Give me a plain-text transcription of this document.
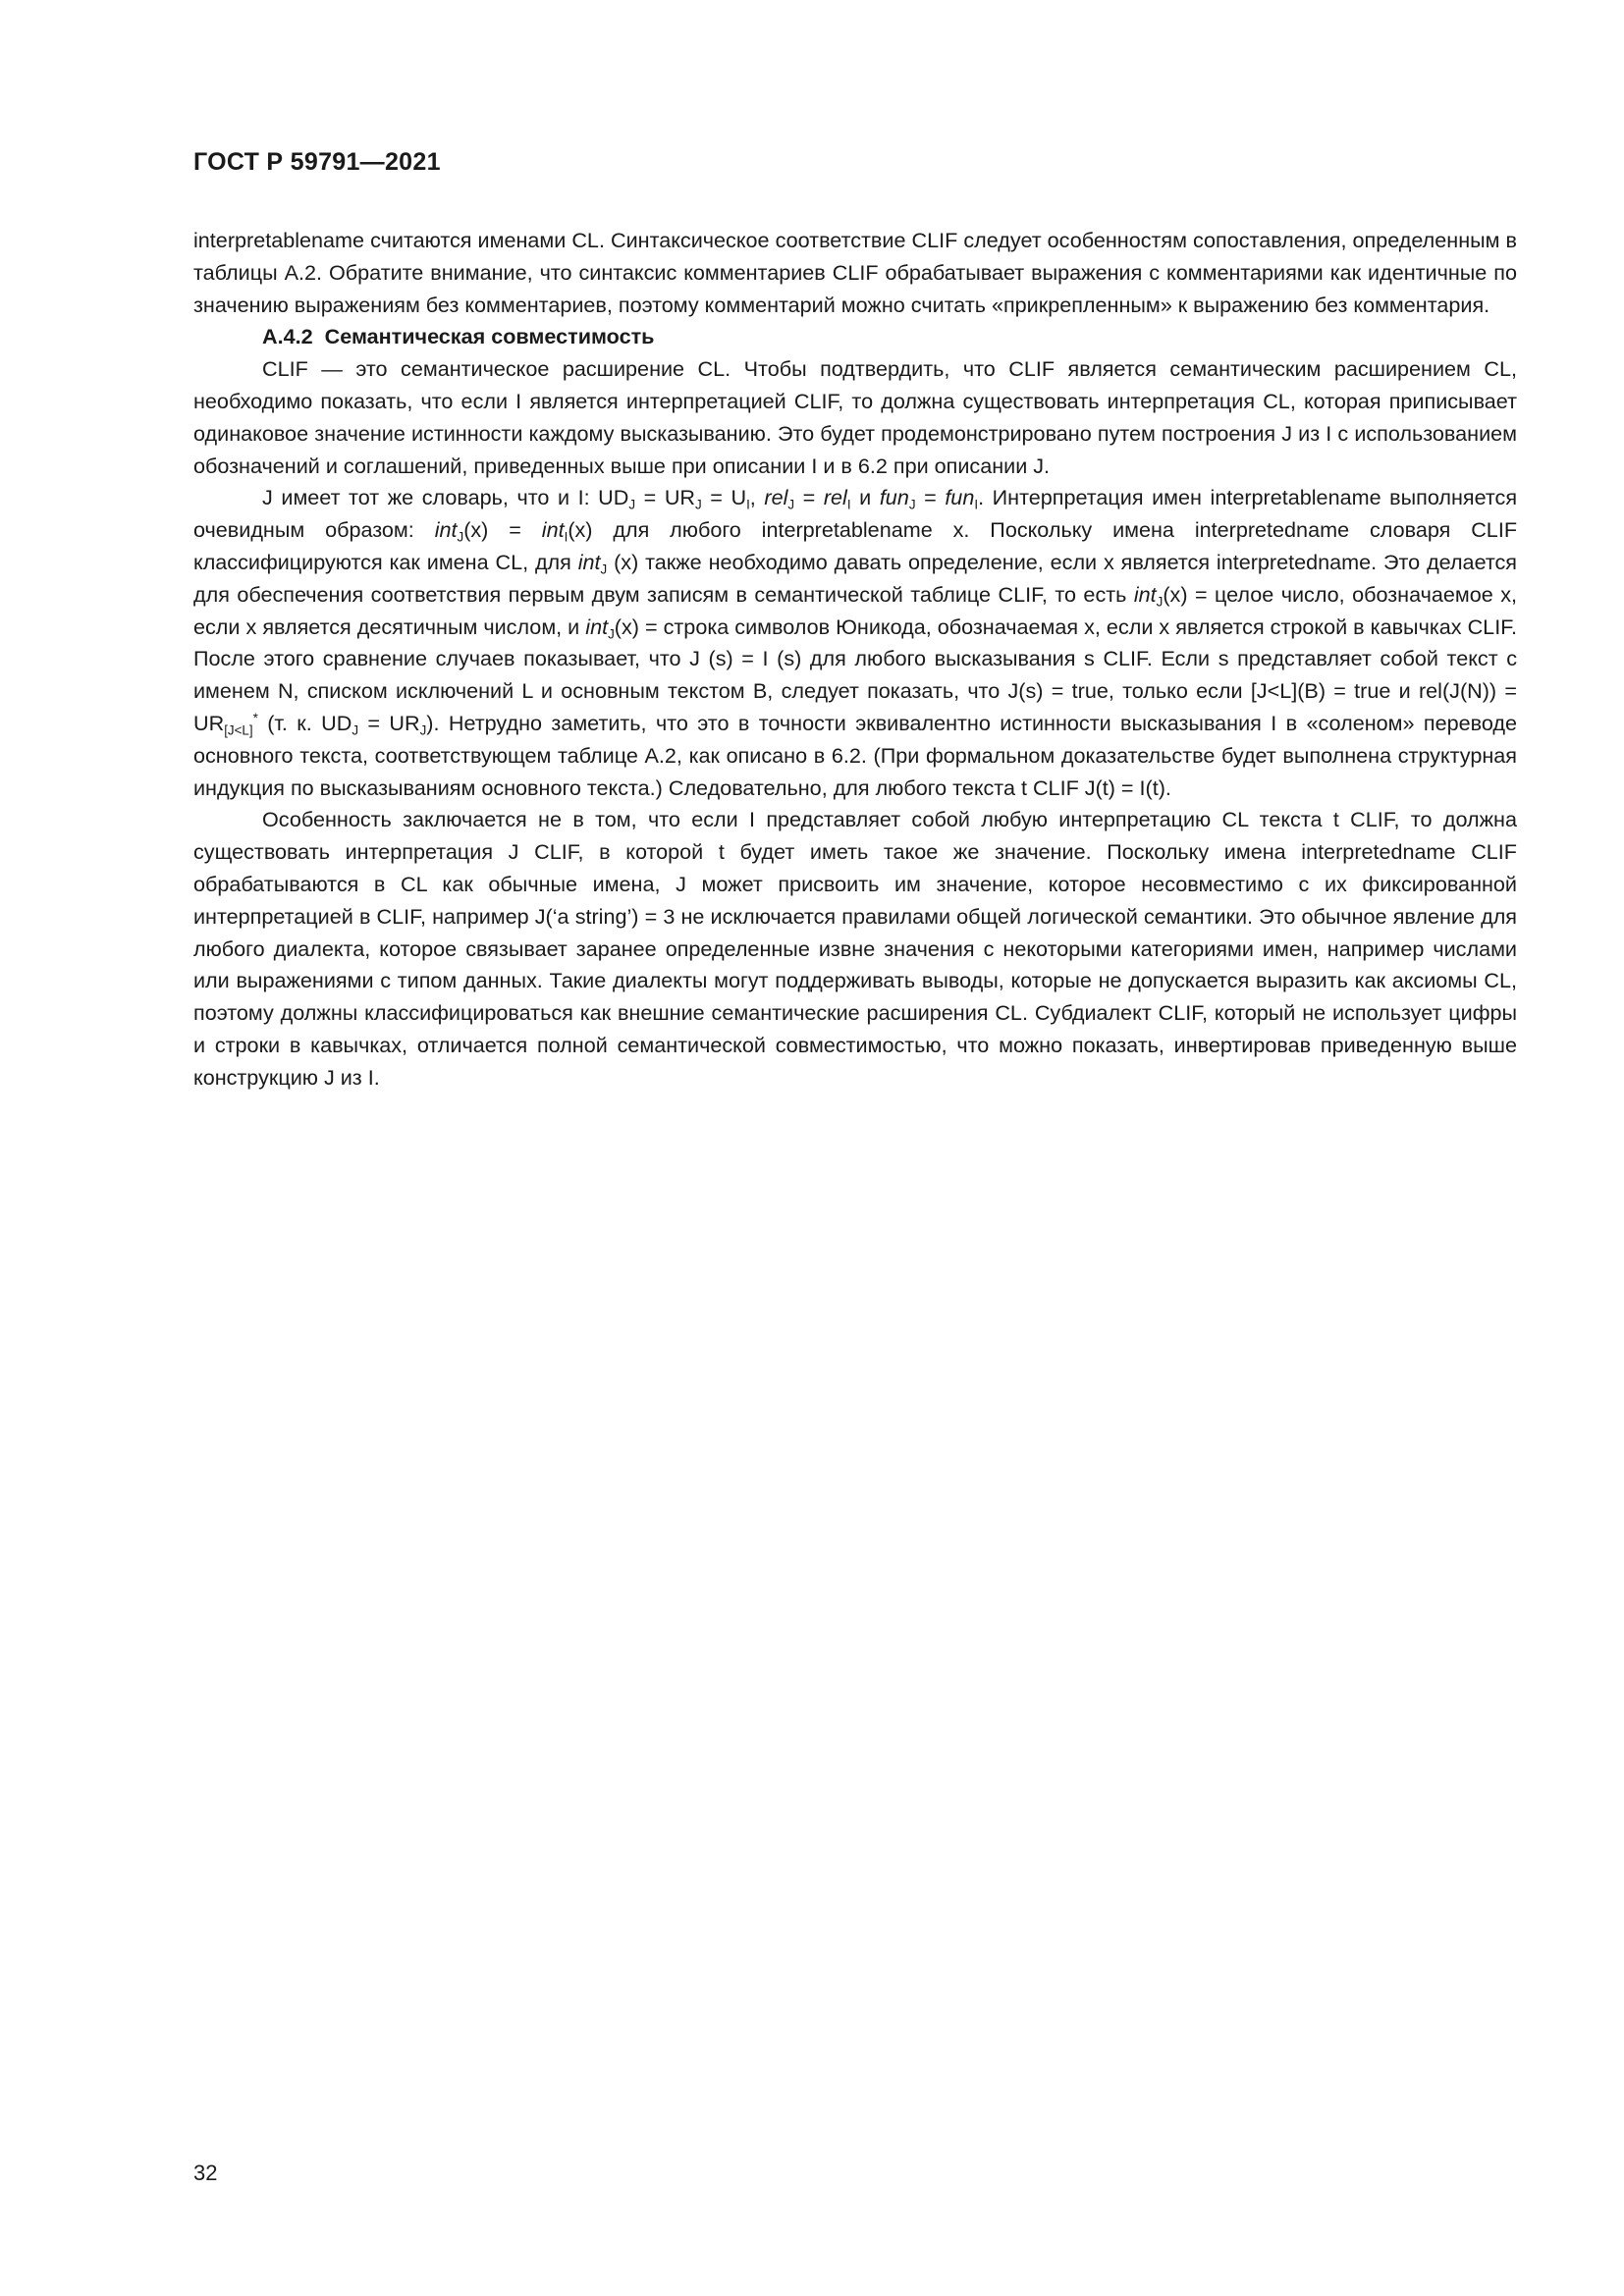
ГОСТ Р 59791—2021

interpretablename считаются именами CL. Синтаксическое соответствие CLIF следует особенностям сопоставления, определенным в таблицы А.2. Обратите внимание, что синтаксис комментариев CLIF обрабатывает выражения с комментариями как идентичные по значению выражениям без комментариев, поэтому комментарий можно считать «прикрепленным» к выражению без комментария.

А.4.2 Семантическая совместимость

CLIF — это семантическое расширение CL. Чтобы подтвердить, что CLIF является семантическим расширением CL, необходимо показать, что если I является интерпретацией CLIF, то должна существовать интерпретация CL, которая приписывает одинаковое значение истинности каждому высказыванию. Это будет продемонстрировано путем построения J из I с использованием обозначений и соглашений, приведенных выше при описании I и в 6.2 при описании J.

J имеет тот же словарь, что и I: $UD_J = UR_J = U_I$, rel$_J$ = rel$_I$ и fun$_J$ = fun$_I$. Интерпретация имен interpretablename выполняется очевидным образом: int$_J$(x) = int$_I$(x) для любого interpretablename x. Поскольку имена interpretedname словаря CLIF классифицируются как имена CL, для int$_J$ (x) также необходимо давать определение, если x является interpretedname. Это делается для обеспечения соответствия первым двум записям в семантической таблице CLIF, то есть int$_J$(x) = целое число, обозначаемое x, если x является десятичным числом, и int$_J$(x) = строка символов Юникода, обозначаемая x, если x является строкой в кавычках CLIF. После этого сравнение случаев показывает, что J (s) = I (s) для любого высказывания s CLIF. Если s представляет собой текст с именем N, списком исключений L и основным текстом B, следует показать, что J(s) = true, только если [J<L](B) = true и $rel(J(N)) = UR_{[J<L]}^*$ (т. к. $UD_J = UR_J$). Нетрудно заметить, что это в точности эквивалентно истинности высказывания I в «соленом» переводе основного текста, соответствующем таблице А.2, как описано в 6.2. (При формальном доказательстве будет выполнена структурная индукция по высказываниям основного текста.) Следовательно, для любого текста t CLIF J(t) = I(t).

Особенность заключается не в том, что если I представляет собой любую интерпретацию CL текста t CLIF, то должна существовать интерпретация J CLIF, в которой t будет иметь такое же значение. Поскольку имена interpretedname CLIF обрабатываются в CL как обычные имена, J может присвоить им значение, которое несовместимо с их фиксированной интерпретацией в CLIF, например J(‘a string’) = 3 не исключается правилами общей логической семантики. Это обычное явление для любого диалекта, которое связывает заранее определенные извне значения с некоторыми категориями имен, например числами или выражениями с типом данных. Такие диалекты могут поддерживать выводы, которые не допускается выразить как аксиомы CL, поэтому должны классифицироваться как внешние семантические расширения CL. Субдиалект CLIF, который не использует цифры и строки в кавычках, отличается полной семантической совместимостью, что можно показать, инвертировав приведенную выше конструкцию J из I.

32
